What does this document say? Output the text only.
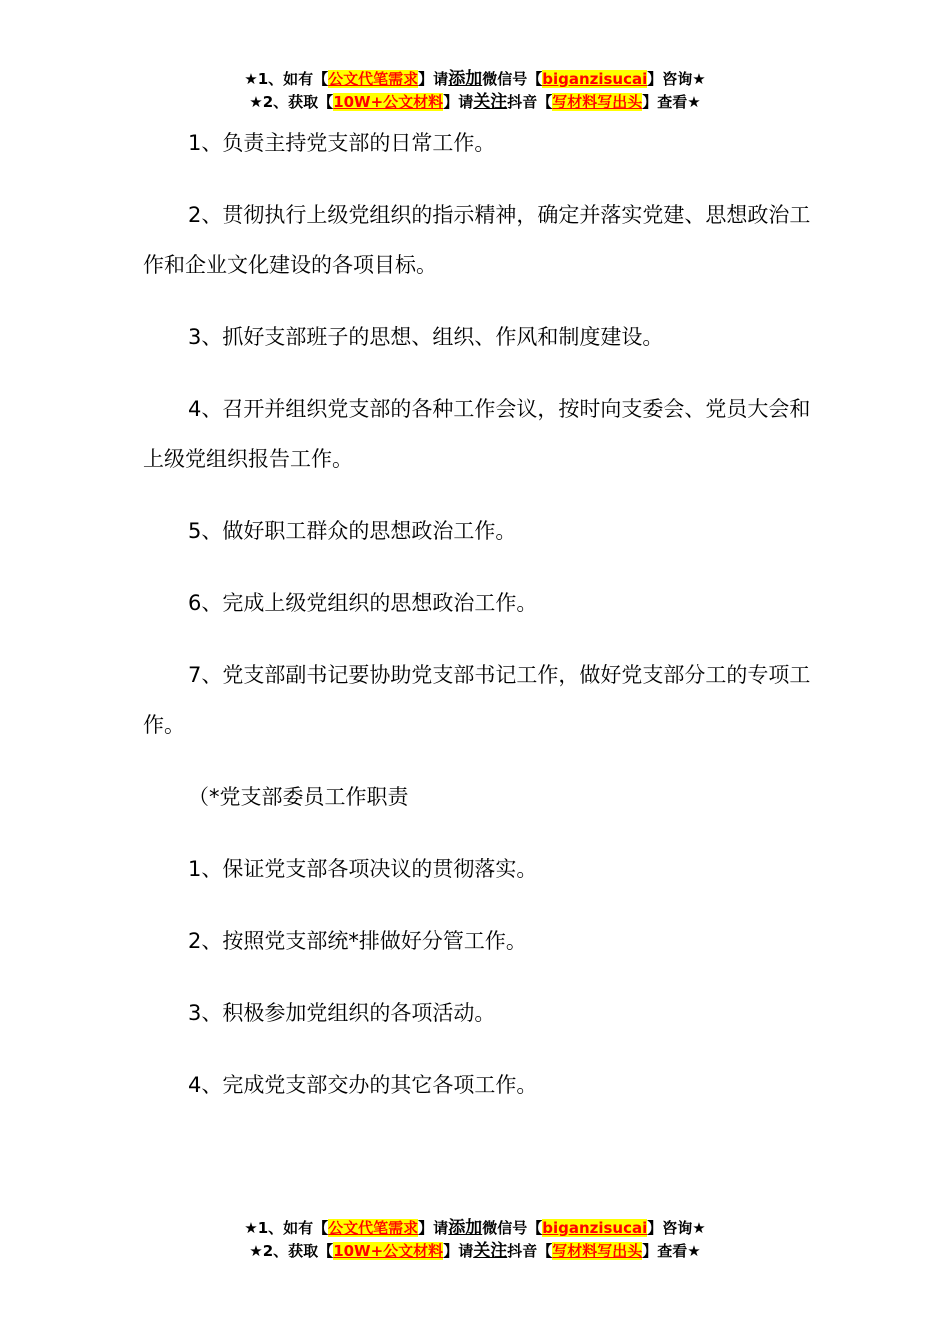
★1、如有【公文代笔需求】请添加微信号【biganzisucai】咨询★
★2、获取【10W+公文材料】请关注抖音【写材料写出头】查看★

1、负责主持党支部的日常工作。

2、贯彻执行上级党组织的指示精神，确定并落实党建、思想政治工作和企业文化建设的各项目标。

3、抓好支部班子的思想、组织、作风和制度建设。

4、召开并组织党支部的各种工作会议，按时向支委会、党员大会和上级党组织报告工作。

5、做好职工群众的思想政治工作。

6、完成上级党组织的思想政治工作。

7、党支部副书记要协助党支部书记工作，做好党支部分工的专项工作。

（*党支部委员工作职责

1、保证党支部各项决议的贯彻落实。

2、按照党支部统*排做好分管工作。

3、积极参加党组织的各项活动。

4、完成党支部交办的其它各项工作。

★1、如有【公文代笔需求】请添加微信号【biganzisucai】咨询★
★2、获取【10W+公文材料】请关注抖音【写材料写出头】查看★
